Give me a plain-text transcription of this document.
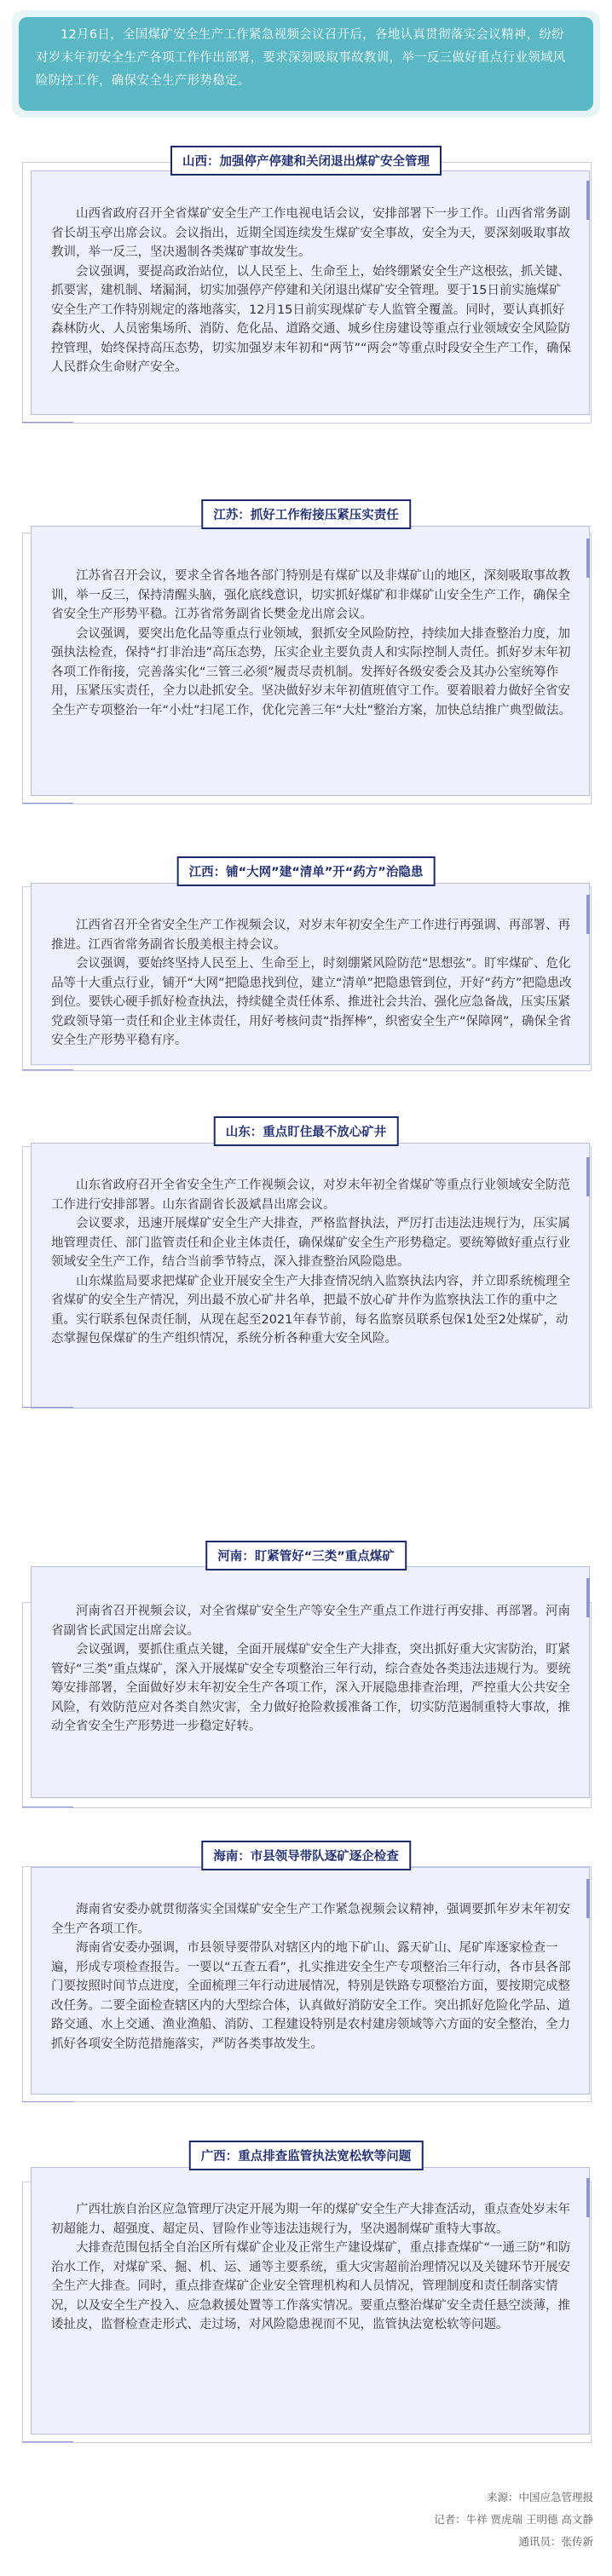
12月6日，全国煤矿安全生产工作紧急视频会议召开后，各地认真贯彻落实会议精神，纷纷对岁末年初安全生产各项工作作出部署，要求深刻吸取事故教训，举一反三做好重点行业领域风险防控工作，确保安全生产形势稳定。
山西：加强停产停建和关闭退出煤矿安全管理

山西省政府召开全省煤矿安全生产工作电视电话会议，安排部署下一步工作。山西省常务副省长胡玉亭出席会议。会议指出，近期全国连续发生煤矿安全事故，安全为天，要深刻吸取事故教训，举一反三，坚决遏制各类煤矿事故发生。

会议强调，要提高政治站位，以人民至上、生命至上，始终绷紧安全生产这根弦，抓关键、抓要害，建机制、堵漏洞，切实加强停产停建和关闭退出煤矿安全管理。要于15日前实施煤矿安全生产工作特别规定的落地落实，12月15日前实现煤矿专人监管全覆盖。同时，要认真抓好森林防火、人员密集场所、消防、危化品、道路交通、城乡住房建设等重点行业领域安全风险防控管理，始终保持高压态势，切实加强岁末年初和“两节”“两会”等重点时段安全生产工作，确保人民群众生命财产安全。

江苏：抓好工作衔接压紧压实责任

江苏省召开会议，要求全省各地各部门特别是有煤矿以及非煤矿山的地区，深刻吸取事故教训，举一反三，保持清醒头脑，强化底线意识，切实抓好煤矿和非煤矿山安全生产工作，确保全省安全生产形势平稳。江苏省常务副省长樊金龙出席会议。

会议强调，要突出危化品等重点行业领域，狠抓安全风险防控，持续加大排查整治力度，加强执法检查，保持“打非治违”高压态势，压实企业主要负责人和实际控制人责任。抓好岁末年初各项工作衔接，完善落实化“三管三必须”履责尽责机制。发挥好各级安委会及其办公室统筹作用，压紧压实责任，全力以赴抓安全。坚决做好岁末年初值班值守工作。要着眼着力做好全省安全生产专项整治一年“小灶”扫尾工作，优化完善三年“大灶”整治方案，加快总结推广典型做法。

江西：铺“大网”建“清单”开“药方”治隐患

江西省召开全省安全生产工作视频会议，对岁末年初安全生产工作进行再强调、再部署、再推进。江西省常务副省长殷美根主持会议。

会议强调，要始终坚持人民至上、生命至上，时刻绷紧风险防范“思想弦”。盯牢煤矿、危化品等十大重点行业，铺开“大网”把隐患找到位，建立“清单”把隐患管到位，开好“药方”把隐患改到位。要铁心硬手抓好检查执法，持续健全责任体系、推进社会共治、强化应急备战，压实压紧党政领导第一责任和企业主体责任，用好考核问责“指挥棒”，织密安全生产“保障网”，确保全省安全生产形势平稳有序。

山东：重点盯住最不放心矿井

山东省政府召开全省安全生产工作视频会议，对岁末年初全省煤矿等重点行业领域安全防范工作进行安排部署。山东省副省长汲斌昌出席会议。

会议要求，迅速开展煤矿安全生产大排查，严格监督执法，严厉打击违法违规行为，压实属地管理责任、部门监管责任和企业主体责任，确保煤矿安全生产形势稳定。要统筹做好重点行业领域安全生产工作，结合当前季节特点，深入排查整治风险隐患。

山东煤监局要求把煤矿企业开展安全生产大排查情况纳入监察执法内容，并立即系统梳理全省煤矿的安全生产情况，列出最不放心矿井名单，把最不放心矿井作为监察执法工作的重中之重。实行联系包保责任制，从现在起至2021年春节前，每名监察员联系包保1处至2处煤矿，动态掌握包保煤矿的生产组织情况，系统分析各种重大安全风险。

河南：盯紧管好“三类”重点煤矿

河南省召开视频会议，对全省煤矿安全生产等安全生产重点工作进行再安排、再部署。河南省副省长武国定出席会议。

会议强调，要抓住重点关键，全面开展煤矿安全生产大排查，突出抓好重大灾害防治，盯紧管好“三类”重点煤矿，深入开展煤矿安全专项整治三年行动，综合查处各类违法违规行为。要统筹安排部署，全面做好岁末年初安全生产各项工作，深入开展隐患排查治理，严控重大公共安全风险，有效防范应对各类自然灾害，全力做好抢险救援准备工作，切实防范遏制重特大事故，推动全省安全生产形势进一步稳定好转。

海南：市县领导带队逐矿逐企检查

海南省安委办就贯彻落实全国煤矿安全生产工作紧急视频会议精神，强调要抓年岁末年初安全生产各项工作。

海南省安委办强调，市县领导要带队对辖区内的地下矿山、露天矿山、尾矿库逐家检查一遍，形成专项检查报告。一要以“五查五看”，扎实推进安全生产专项整治三年行动，各市县各部门要按照时间节点进度，全面梳理三年行动进展情况，特别是铁路专项整治方面，要按期完成整改任务。二要全面检查辖区内的大型综合体，认真做好消防安全工作。突出抓好危险化学品、道路交通、水上交通、渔业渔船、消防、工程建设特别是农村建房领域等六方面的安全整治，全力抓好各项安全防范措施落实，严防各类事故发生。

广西：重点排查监管执法宽松软等问题

广西壮族自治区应急管理厅决定开展为期一年的煤矿安全生产大排查活动，重点查处岁末年初超能力、超强度、超定员、冒险作业等违法违规行为，坚决遏制煤矿重特大事故。

大排查范围包括全自治区所有煤矿企业及正常生产建设煤矿，重点排查煤矿“一通三防”和防治水工作，对煤矿采、掘、机、运、通等主要系统，重大灾害超前治理情况以及关键环节开展安全生产大排查。同时，重点排查煤矿企业安全管理机构和人员情况，管理制度和责任制落实情况，以及安全生产投入、应急救援处置等工作落实情况。要重点整治煤矿安全责任悬空淡薄，推诿扯皮，监督检查走形式、走过场，对风险隐患视而不见，监管执法宽松软等问题。

来源：中国应急管理报
记者：牛祥 贾虎瑞 王明德 高文静
通讯员：张传新
